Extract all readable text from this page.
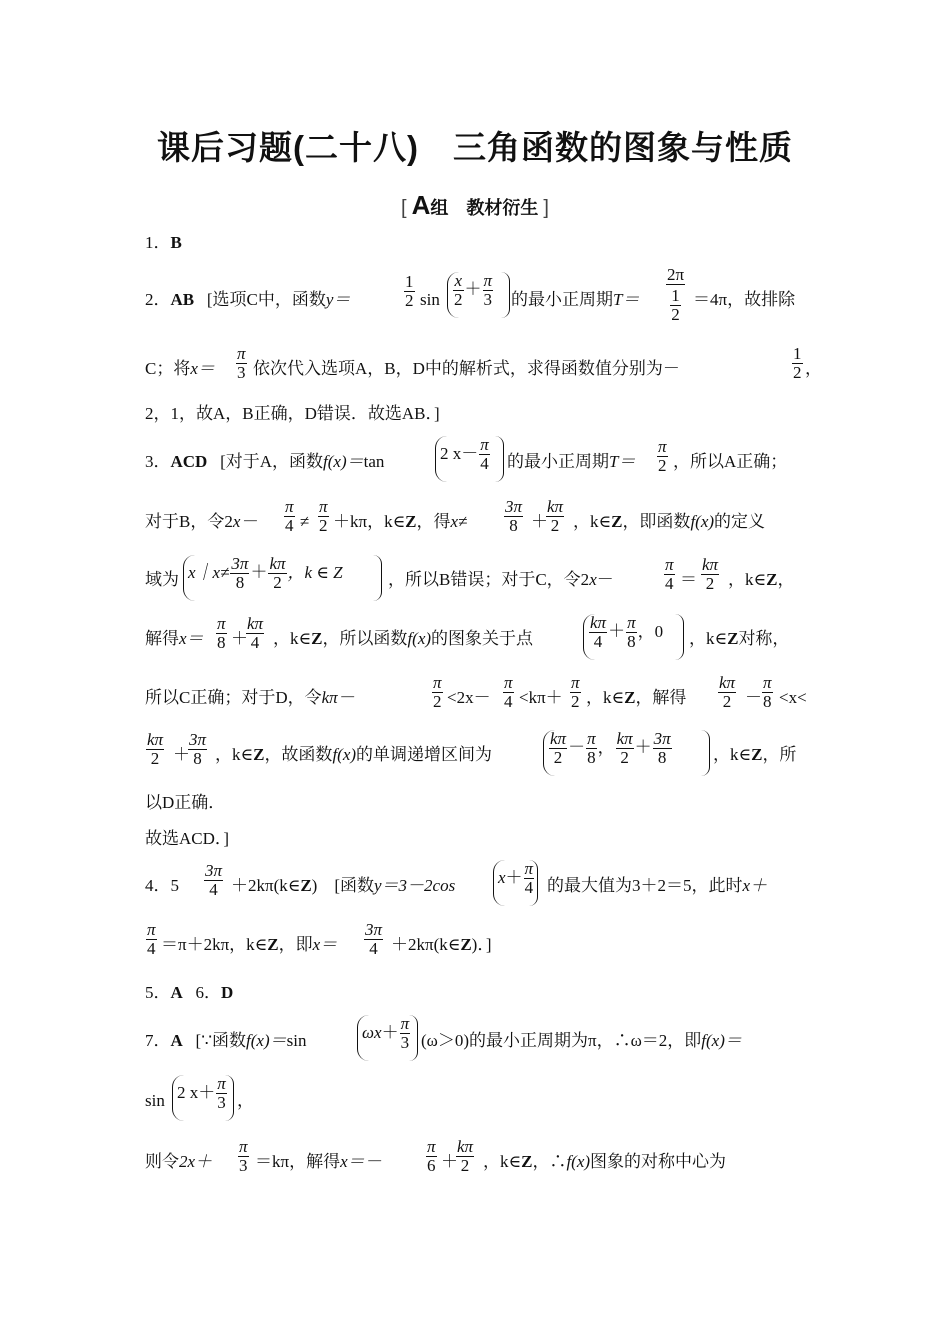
课后习题(二十八)　三角函数的图象与性质
[ A组　教材衍生 ]
1．B
2．AB [选项C中，函数y＝	$\frac{1}{2}$ $\sin \frac{x}{2} + \frac{\pi}{3}$
的最小正周期$T= \frac{2\pi}{\frac{1}{2}} =4\pi$，故排除
C；将$x= \frac{\pi}{3}$ 依次代入选项A，B，D中的解析式，求得函数值分别为－	$\frac{1}{2}$ ，
2，1，故A，B正确，D错误．故选AB．]
3．ACD [对于A，函数f(x)＝tan	2 $x- \frac{\pi}{4}$
的最小正周期$T= \frac{\pi}{2}$ ，所以A正确；
对于B，令$2x- \frac{\pi}{4} \ne \frac{\pi}{2} +k\pi$，k∈Z，得$x\ne \frac{3\pi}{8}$ ＋
$\frac{k\pi}{2}$ ，k∈Z，即函数f(x)的定义
域为 x｜x≠ $\frac{3\pi}{8} + \frac{k\pi}{2}$ ，k ∈ Z
	，所以B错误；对于C，令2x－	$\frac{\pi}{4} = \frac{k\pi}{2}$ ，k∈Z，
解得$x= \frac{\pi}{8}$ ＋
$\frac{k\pi}{4}$ ，k∈Z，所以函数f(x)的图象关于点	$\frac{k\pi}{4} + \frac{\pi}{8}$ ，0
，k∈Z对称，
所以C正确；对于D，令kπ－	$\frac{\pi}{2} <2x- \frac{\pi}{4} <k\pi+ \frac{\pi}{2}$ ，k∈Z，解得 $\frac{k\pi}{2} - \frac{\pi}{8} <x<$
$\frac{k\pi}{2}$ ＋
$\frac{3\pi}{8}$ ，k∈Z，故函数f(x)的单调递增区间为	$\frac{k\pi}{2} - \frac{\pi}{8}$ ， $\frac{k\pi}{2} + \frac{3\pi}{8}$
，k∈Z，所
以D正确．
故选ACD．]
4．$5 \frac{3\pi}{4}$ ＋2kπ(k∈Z)　[函数y＝3－2cos	$x+ \frac{\pi}{4}$
的最大值为3＋2＝5，此时x＋
$\frac{\pi}{4} =\pi+2k\pi$，k∈Z，即$x= \frac{3\pi}{4}$ ＋2kπ(k∈Z)．]
5．A 6．D
7．A [∵函数f(x)＝sin	$\omega x+ \frac{\pi}{3}$
(ω＞0)的最小正周期为π，∴ω＝2，即f(x)＝
sin 2 $x+ \frac{\pi}{3}$
，
则令$2x+ \frac{\pi}{3} =k\pi$，解得x＝－	$\frac{\pi}{6}$ ＋
$\frac{k\pi}{2}$ ，k∈Z，∴f(x)图象的对称中心为
